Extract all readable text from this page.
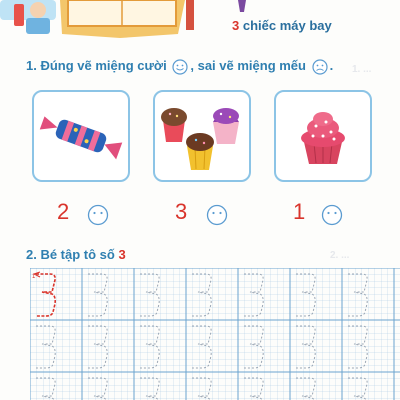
3 chiếc máy bay
1. ...
2. ...
1. Đúng vẽ miệng cười , sai vẽ miệng mếu .
2	3	1
2. Bé tập tô số 3
1
